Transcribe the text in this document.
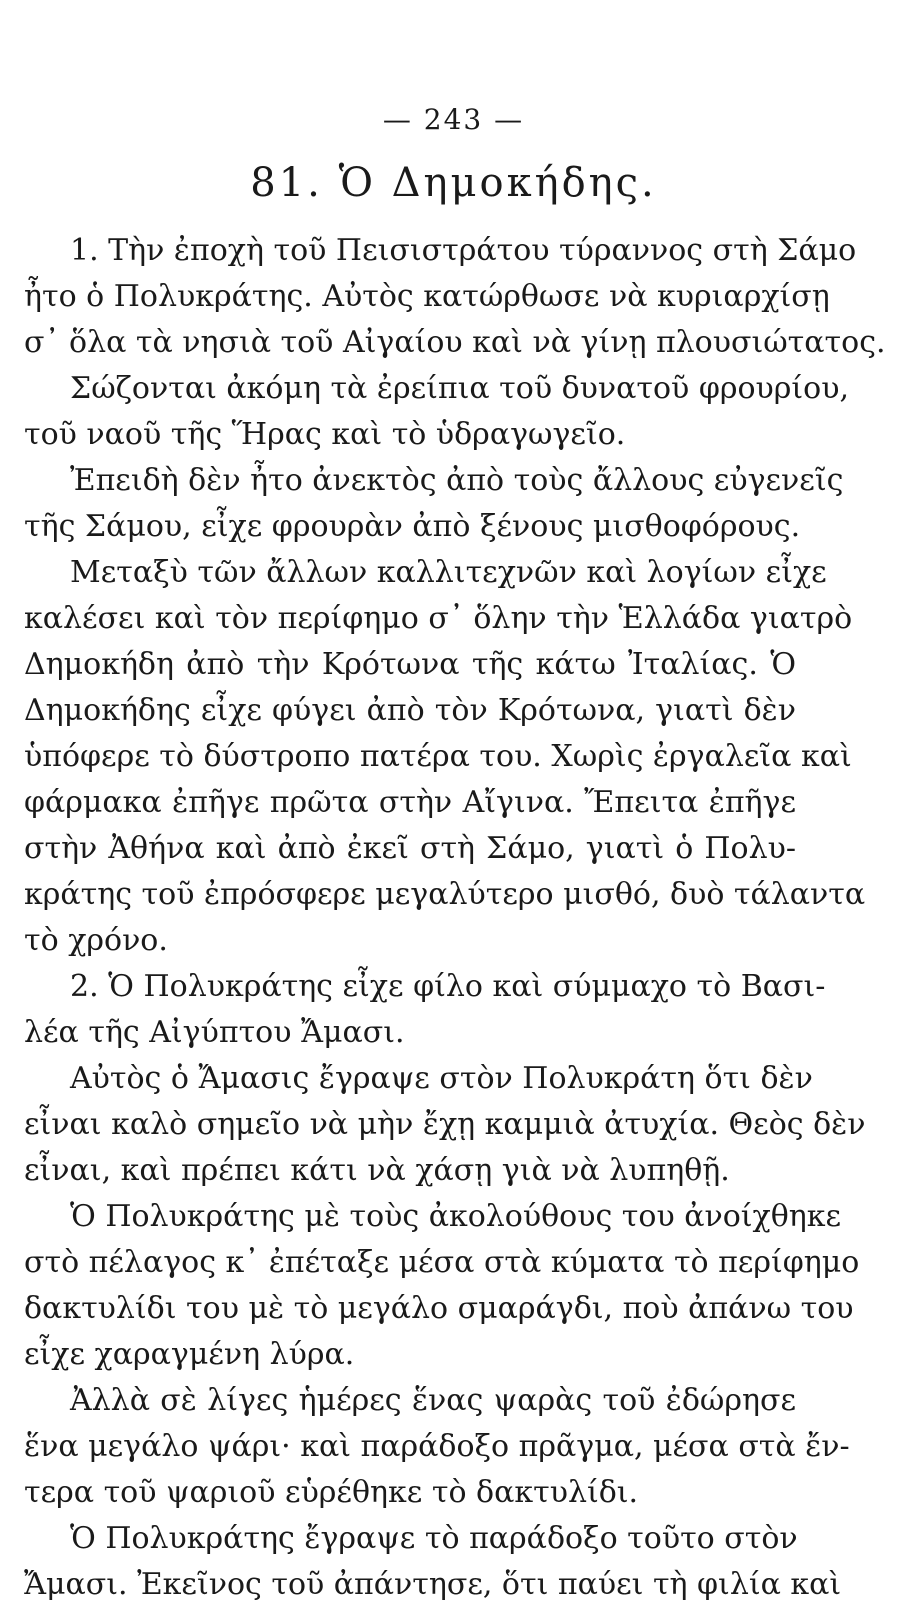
— 243 —
81. Ὁ Δημοκήδης.
1. Τὴν ἐποχὴ τοῦ Πεισιστράτου τύραννος στὴ Σάμο
ἦτο ὁ Πολυκράτης. Αὐτὸς κατώρθωσε νὰ κυριαρχίσῃ
σ᾽ ὅλα τὰ νησιὰ τοῦ Αἰγαίου καὶ νὰ γίνῃ πλουσιώτατος.
Σώζονται ἀκόμη τὰ ἐρείπια τοῦ δυνατοῦ φρουρίου,
τοῦ ναοῦ τῆς Ἥρας καὶ τὸ ὑδραγωγεῖο.
Ἐπειδὴ δὲν ἦτο ἀνεκτὸς ἀπὸ τοὺς ἄλλους εὐγενεῖς
τῆς Σάμου, εἶχε φρουρὰν ἀπὸ ξένους μισθοφόρους.
Μεταξὺ τῶν ἄλλων καλλιτεχνῶν καὶ λογίων εἶχε
καλέσει καὶ τὸν περίφημο σ᾽ ὅλην τὴν Ἑλλάδα γιατρὸ
Δημοκήδη ἀπὸ τὴν Κρότωνα τῆς κάτω Ἰταλίας. Ὁ
Δημοκήδης εἶχε φύγει ἀπὸ τὸν Κρότωνα, γιατὶ δὲν
ὑπόφερε τὸ δύστροπο πατέρα του. Χωρὶς ἐργαλεῖα καὶ
φάρμακα ἐπῆγε πρῶτα στὴν Αἴγινα. Ἔπειτα ἐπῆγε
στὴν Ἀθήνα καὶ ἀπὸ ἐκεῖ στὴ Σάμο, γιατὶ ὁ Πολυ-
κράτης τοῦ ἐπρόσφερε μεγαλύτερο μισθό, δυὸ τάλαντα
τὸ χρόνο.
2. Ὁ Πολυκράτης εἶχε φίλο καὶ σύμμαχο τὸ Βασι-
λέα τῆς Αἰγύπτου Ἄμασι.
Αὐτὸς ὁ Ἄμασις ἔγραψε στὸν Πολυκράτη ὅτι δὲν
εἶναι καλὸ σημεῖο νὰ μὴν ἔχῃ καμμιὰ ἀτυχία. Θεὸς δὲν
εἶναι, καὶ πρέπει κάτι νὰ χάσῃ γιὰ νὰ λυπηθῇ.
Ὁ Πολυκράτης μὲ τοὺς ἀκολούθους του ἀνοίχθηκε
στὸ πέλαγος κ᾽ ἐπέταξε μέσα στὰ κύματα τὸ περίφημο
δακτυλίδι του μὲ τὸ μεγάλο σμαράγδι, ποὺ ἀπάνω του
εἶχε χαραγμένη λύρα.
Ἀλλὰ σὲ λίγες ἡμέρες ἕνας ψαρὰς τοῦ ἐδώρησε
ἕνα μεγάλο ψάρι· καὶ παράδοξο πρᾶγμα, μέσα στὰ ἔν-
τερα τοῦ ψαριοῦ εὑρέθηκε τὸ δακτυλίδι.
Ὁ Πολυκράτης ἔγραψε τὸ παράδοξο τοῦτο στὸν
Ἄμασι. Ἐκεῖνος τοῦ ἀπάντησε, ὅτι παύει τὴ φιλία καὶ
